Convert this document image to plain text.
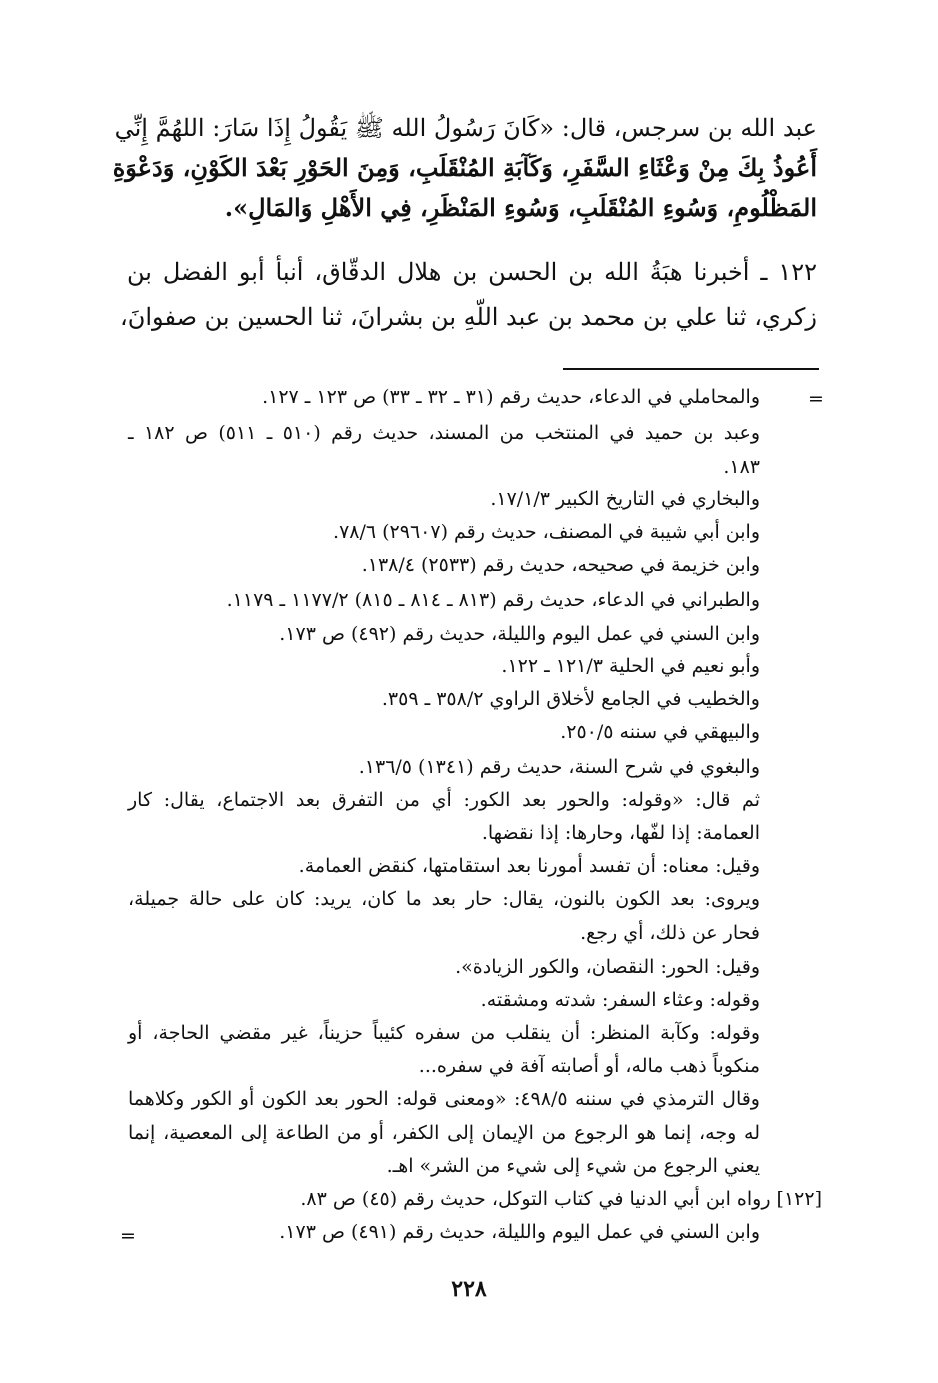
عبد الله بن سرجس، قال: «كَانَ رَسُولُ الله ﷺ يَقُولُ إِذَا سَارَ: اللهُمَّ إِنِّي
أَعُوذُ بِكَ مِنْ وَعْثَاءِ السَّفَرِ، وَكَآبَةِ المُنْقَلَبِ، وَمِنَ الحَوْرِ بَعْدَ الكَوْنِ، وَدَعْوَةِ
المَظْلُومِ، وَسُوءِ المُنْقَلَبِ، وَسُوءِ المَنْظَرِ، فِي الأَهْلِ وَالمَالِ».
١٢٢ ـ أخبرنا هبَةُ الله بن الحسن بن هلال الدقّاق، أنبأ أبو الفضل بن
زكري، ثنا علي بن محمد بن عبد اللّهِ بن بشرانَ، ثنا الحسين بن صفوانَ،
=
والمحاملي في الدعاء، حديث رقم (٣١ ـ ٣٢ ـ ٣٣) ص ١٢٣ ـ ١٢٧.
وعبد بن حميد في المنتخب من المسند، حديث رقم (٥١٠ ـ ٥١١) ص ١٨٢ ـ
١٨٣.
والبخاري في التاريخ الكبير ١٧/١/٣.
وابن أبي شيبة في المصنف، حديث رقم (٢٩٦٠٧) ٧٨/٦.
وابن خزيمة في صحيحه، حديث رقم (٢٥٣٣) ١٣٨/٤.
والطبراني في الدعاء، حديث رقم (٨١٣ ـ ٨١٤ ـ ٨١٥) ١١٧٧/٢ ـ ١١٧٩.
وابن السني في عمل اليوم والليلة، حديث رقم (٤٩٢) ص ١٧٣.
وأبو نعيم في الحلية ١٢١/٣ ـ ١٢٢.
والخطيب في الجامع لأخلاق الراوي ٣٥٨/٢ ـ ٣٥٩.
والبيهقي في سننه ٢٥٠/٥.
والبغوي في شرح السنة، حديث رقم (١٣٤١) ١٣٦/٥.
ثم قال: «وقوله: والحور بعد الكور: أي من التفرق بعد الاجتماع، يقال: كار
العمامة: إذا لفّها، وحارها: إذا نقضها.
وقيل: معناه: أن تفسد أمورنا بعد استقامتها، كنقض العمامة.
ويروى: بعد الكون بالنون، يقال: حار بعد ما كان، يريد: كان على حالة جميلة،
فحار عن ذلك، أي رجع.
وقيل: الحور: النقصان، والكور الزيادة».
وقوله: وعثاء السفر: شدته ومشقته.
وقوله: وكآبة المنظر: أن ينقلب من سفره كئيباً حزيناً، غير مقضي الحاجة، أو
منكوباً ذهب ماله، أو أصابته آفة في سفره...
وقال الترمذي في سننه ٤٩٨/٥: «ومعنى قوله: الحور بعد الكون أو الكور وكلاهما
له وجه، إنما هو الرجوع من الإيمان إلى الكفر، أو من الطاعة إلى المعصية، إنما
يعني الرجوع من شيء إلى شيء من الشر» اهـ.
[١٢٢] رواه ابن أبي الدنيا في كتاب التوكل، حديث رقم (٤٥) ص ٨٣.
وابن السني في عمل اليوم والليلة، حديث رقم (٤٩١) ص ١٧٣.
=
٢٢٨
